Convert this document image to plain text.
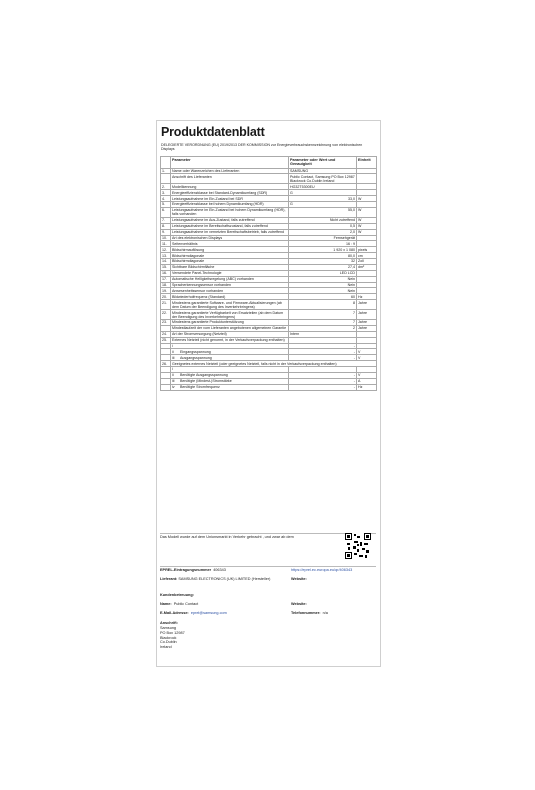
Produktdatenblatt
DELEGIERTE VERORDNUNG (EU) 2019/2013 DER KOMMISSION zur Energieverbrauchskennzeichnung von elektronischen Displays
	Parameter	Parameter oder Wert und Genauigkeit	Einheit
1.	Name oder Warenzeichen des Lieferanten	SAMSUNG	
	Anschrift des Lieferanten	Public Contact, Samsung PO Box 12987 Blackrock Co.Dublin Ireland	
2.	Modellkennung	HG32T5300EU	
3.	Energieeffizienzklasse bei Standard-Dynamikumfang (SDR)	G	
4.	Leistungsaufnahme im Ein-Zustand bei SDR	33,0	W
5.	Energieeffizienzklasse bei hohem Dynamikumfang (HDR)	G	
6.	Leistungsaufnahme im Ein-Zustand bei hohem Dynamikumfang (HDR), falls vorhanden	55,0	W
7.	Leistungsaufnahme im Aus-Zustand, falls zutreffend	Nicht zutreffend	W
8.	Leistungsaufnahme im Bereitschaftszustand, falls zutreffend	0,5	W
9.	Leistungsaufnahme im vernetzten Bereitschaftsbetrieb, falls zutreffend	2,0	W
10.	Art des elektronischen Displays	Fernsehgerät	
11.	Seitenverhältnis	16 : 9	
12.	Bildschirmauflösung	1 920 x 1 080	pixels
13.	Bildschirmdiagonale	80,0	cm
14.	Bildschirmdiagonale	32	Zoll
15.	Sichtbare Bildschirmfläche	27,4	dm²
16.	Verwendete Panel-Technologie	LED LCD	
17.	Automatische Helligkeitsregelung (ABC) vorhanden	Nein	
18.	Spracherkennungssensor vorhanden	Nein	
19.	Anwesenheitssensor vorhanden	Nein	
20.	Bildwiederholfrequenz (Standard)	60	Hz
21.	Mindestens garantierte Software- und Firmware-Aktualisierungen (ab dem Datum der Beendigung des Inverkehrbringens)	8	Jahre
22.	Mindestens garantierte Verfügbarkeit von Ersatzteilen (ab dem Datum der Beendigung des Inverkehrbringens)	7	Jahre
23.	Mindestens garantierte Produktunterstützung	7	Jahre
	Mindestlaufzeit der vom Lieferanten angebotenen allgemeinen Garantie	2	Jahre
24.	Art der Stromversorgung (Netzteil)	Intern	
25.	Externes Netzteil (nicht genormt, in der Verkaufsverpackung enthalten)		
	i	-	
	ii Eingangsspannung	-	V
	iii Ausgangsspannung	-	V
26.	Geeignetes externes Netzteil (oder geeignetes Netzteil, falls nicht in der Verkaufsverpackung enthalten)		
	i		
	ii Benötigte Ausgangsspannung	-	V
	iii Benötigte (Mindest-)Stromstärke	-	A
	iv Benötigte Stromfrequenz	-	Hz
Das Modell wurde auf dem Unionsmarkt in Verkehr gebracht , und zwar ab dem
EPREL-Eintragungsnummer 406343	https://eprel.ec.europa.eu/qr/406343
Lieferant: SAMSUNG ELECTRONICS (UK) LIMITED (Hersteller)	Website:
Kundenbetreuung:
Name: Public Contact	Website:
E-Mail-Adresse: eprel@samsung.com	Telefonnummer: n/a
Anschrift:
Samsung
PO Box 12987
Blackrock
Co.Dublin
Ireland
